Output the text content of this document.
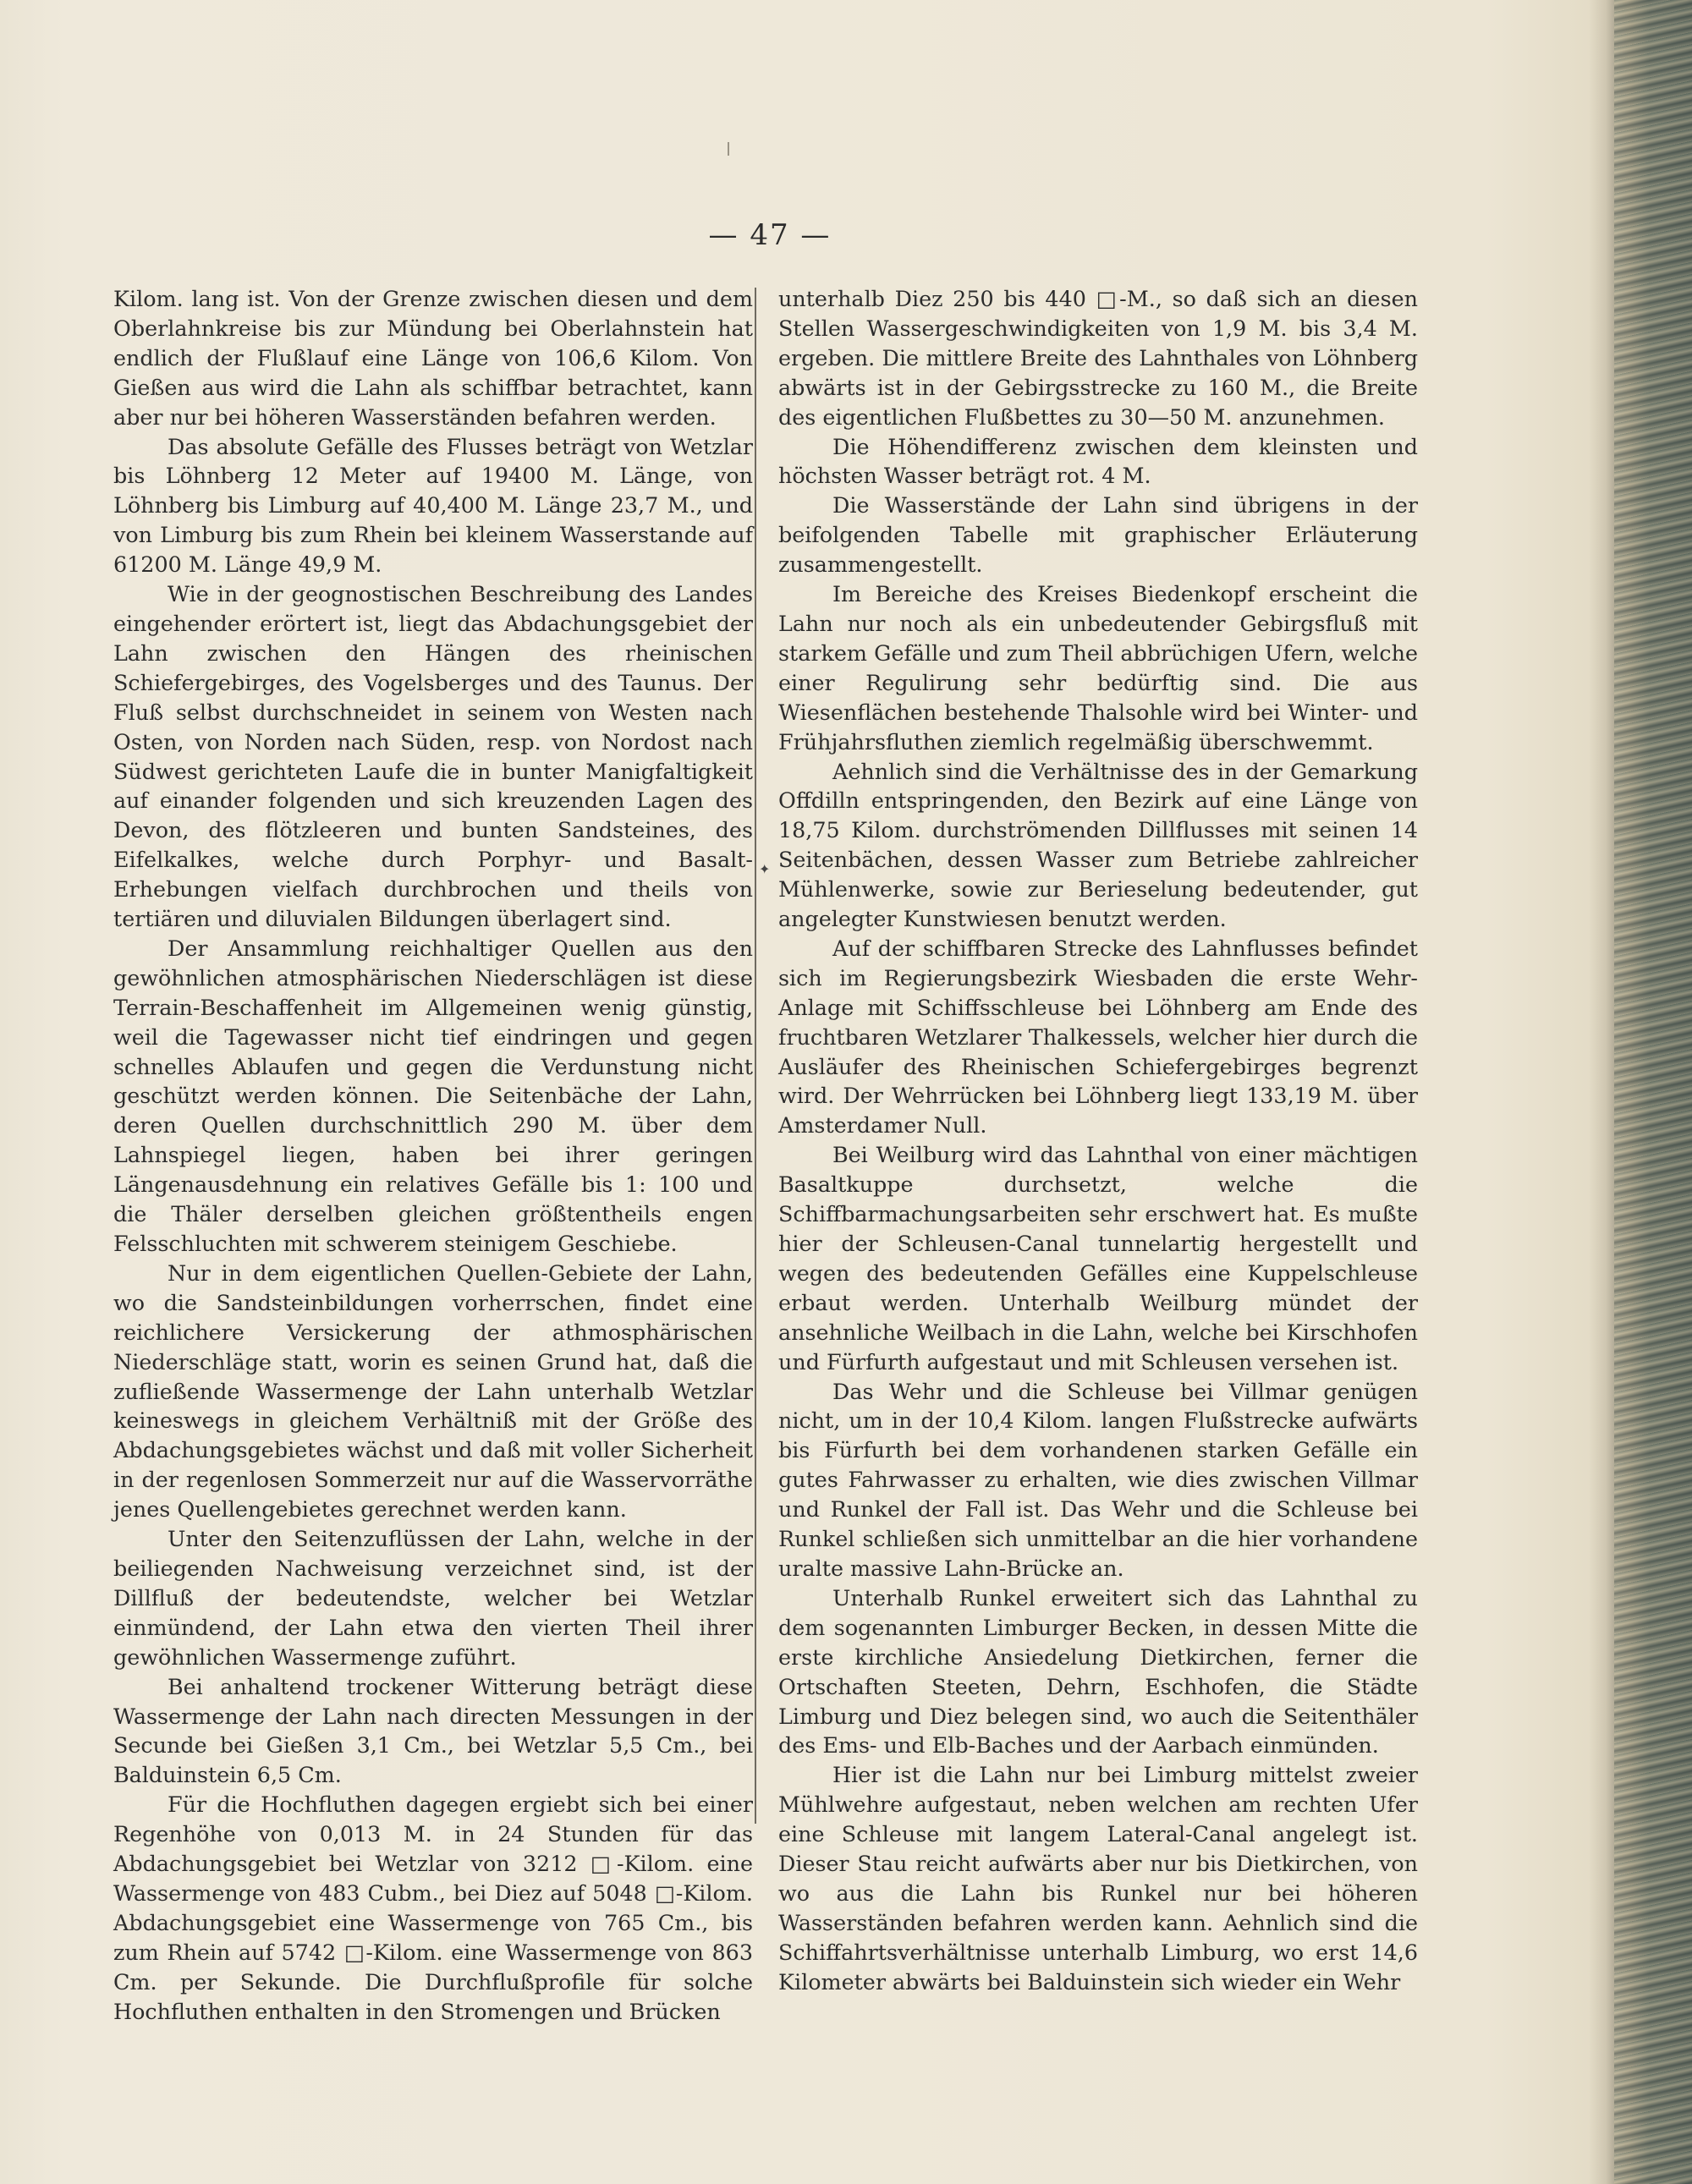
— 47 —

Kilom. lang ist. Von der Grenze zwischen diesen und dem Oberlahnkreise bis zur Mündung bei Oberlahnstein hat endlich der Flußlauf eine Länge von 106,6 Kilom. Von Gießen aus wird die Lahn als schiffbar betrachtet, kann aber nur bei höheren Wasserständen befahren werden.

Das absolute Gefälle des Flusses beträgt von Wetzlar bis Löhnberg 12 Meter auf 19400 M. Länge, von Löhnberg bis Limburg auf 40,400 M. Länge 23,7 M., und von Limburg bis zum Rhein bei kleinem Wasserstande auf 61200 M. Länge 49,9 M.

Wie in der geognostischen Beschreibung des Landes eingehender erörtert ist, liegt das Abdachungsgebiet der Lahn zwischen den Hängen des rheinischen Schiefergebirges, des Vogelsberges und des Taunus. Der Fluß selbst durchschneidet in seinem von Westen nach Osten, von Norden nach Süden, resp. von Nordost nach Südwest gerichteten Laufe die in bunter Manigfaltigkeit auf einander folgenden und sich kreuzenden Lagen des Devon, des flötzleeren und bunten Sandsteines, des Eifelkalkes, welche durch Porphyr- und Basalt-Erhebungen vielfach durchbrochen und theils von tertiären und diluvialen Bildungen überlagert sind.

Der Ansammlung reichhaltiger Quellen aus den gewöhnlichen atmosphärischen Niederschlägen ist diese Terrain-Beschaffenheit im Allgemeinen wenig günstig, weil die Tagewasser nicht tief eindringen und gegen schnelles Ablaufen und gegen die Verdunstung nicht geschützt werden können. Die Seitenbäche der Lahn, deren Quellen durchschnittlich 290 M. über dem Lahnspiegel liegen, haben bei ihrer geringen Längenausdehnung ein relatives Gefälle bis 1: 100 und die Thäler derselben gleichen größtentheils engen Felsschluchten mit schwerem steinigem Geschiebe.

Nur in dem eigentlichen Quellen-Gebiete der Lahn, wo die Sandsteinbildungen vorherrschen, findet eine reichlichere Versickerung der athmosphärischen Niederschläge statt, worin es seinen Grund hat, daß die zufließende Wassermenge der Lahn unterhalb Wetzlar keineswegs in gleichem Verhältniß mit der Größe des Abdachungsgebietes wächst und daß mit voller Sicherheit in der regenlosen Sommerzeit nur auf die Wasservorräthe jenes Quellengebietes gerechnet werden kann.

Unter den Seitenzuflüssen der Lahn, welche in der beiliegenden Nachweisung verzeichnet sind, ist der Dillfluß der bedeutendste, welcher bei Wetzlar einmündend, der Lahn etwa den vierten Theil ihrer gewöhnlichen Wassermenge zuführt.

Bei anhaltend trockener Witterung beträgt diese Wassermenge der Lahn nach directen Messungen in der Secunde bei Gießen 3,1 Cm., bei Wetzlar 5,5 Cm., bei Balduinstein 6,5 Cm.

Für die Hochfluthen dagegen ergiebt sich bei einer Regenhöhe von 0,013 M. in 24 Stunden für das Abdachungsgebiet bei Wetzlar von 3212 □-Kilom. eine Wassermenge von 483 Cubm., bei Diez auf 5048 □-Kilom. Abdachungsgebiet eine Wassermenge von 765 Cm., bis zum Rhein auf 5742 □-Kilom. eine Wassermenge von 863 Cm. per Sekunde. Die Durchflußprofile für solche Hochfluthen enthalten in den Stromengen und Brücken

✦

unterhalb Diez 250 bis 440 □-M., so daß sich an diesen Stellen Wassergeschwindigkeiten von 1,9 M. bis 3,4 M. ergeben. Die mittlere Breite des Lahnthales von Löhnberg abwärts ist in der Gebirgsstrecke zu 160 M., die Breite des eigentlichen Flußbettes zu 30—50 M. anzunehmen.

Die Höhendifferenz zwischen dem kleinsten und höchsten Wasser beträgt rot. 4 M.

Die Wasserstände der Lahn sind übrigens in der beifolgenden Tabelle mit graphischer Erläuterung zusammengestellt.

Im Bereiche des Kreises Biedenkopf erscheint die Lahn nur noch als ein unbedeutender Gebirgsfluß mit starkem Gefälle und zum Theil abbrüchigen Ufern, welche einer Regulirung sehr bedürftig sind. Die aus Wiesenflächen bestehende Thalsohle wird bei Winter- und Frühjahrsfluthen ziemlich regelmäßig überschwemmt.

Aehnlich sind die Verhältnisse des in der Gemarkung Offdilln entspringenden, den Bezirk auf eine Länge von 18,75 Kilom. durchströmenden Dillflusses mit seinen 14 Seitenbächen, dessen Wasser zum Betriebe zahlreicher Mühlenwerke, sowie zur Berieselung bedeutender, gut angelegter Kunstwiesen benutzt werden.

Auf der schiffbaren Strecke des Lahnflusses befindet sich im Regierungsbezirk Wiesbaden die erste Wehr-Anlage mit Schiffsschleuse bei Löhnberg am Ende des fruchtbaren Wetzlarer Thalkessels, welcher hier durch die Ausläufer des Rheinischen Schiefergebirges begrenzt wird. Der Wehrrücken bei Löhnberg liegt 133,19 M. über Amsterdamer Null.

Bei Weilburg wird das Lahnthal von einer mächtigen Basaltkuppe durchsetzt, welche die Schiffbarmachungsarbeiten sehr erschwert hat. Es mußte hier der Schleusen-Canal tunnelartig hergestellt und wegen des bedeutenden Gefälles eine Kuppelschleuse erbaut werden. Unterhalb Weilburg mündet der ansehnliche Weilbach in die Lahn, welche bei Kirschhofen und Fürfurth aufgestaut und mit Schleusen versehen ist.

Das Wehr und die Schleuse bei Villmar genügen nicht, um in der 10,4 Kilom. langen Flußstrecke aufwärts bis Fürfurth bei dem vorhandenen starken Gefälle ein gutes Fahrwasser zu erhalten, wie dies zwischen Villmar und Runkel der Fall ist. Das Wehr und die Schleuse bei Runkel schließen sich unmittelbar an die hier vorhandene uralte massive Lahn-Brücke an.

Unterhalb Runkel erweitert sich das Lahnthal zu dem sogenannten Limburger Becken, in dessen Mitte die erste kirchliche Ansiedelung Dietkirchen, ferner die Ortschaften Steeten, Dehrn, Eschhofen, die Städte Limburg und Diez belegen sind, wo auch die Seitenthäler des Ems- und Elb-Baches und der Aarbach einmünden.

Hier ist die Lahn nur bei Limburg mittelst zweier Mühlwehre aufgestaut, neben welchen am rechten Ufer eine Schleuse mit langem Lateral-Canal angelegt ist. Dieser Stau reicht aufwärts aber nur bis Dietkirchen, von wo aus die Lahn bis Runkel nur bei höheren Wasserständen befahren werden kann. Aehnlich sind die Schiffahrtsverhältnisse unterhalb Limburg, wo erst 14,6 Kilometer abwärts bei Balduinstein sich wieder ein Wehr
